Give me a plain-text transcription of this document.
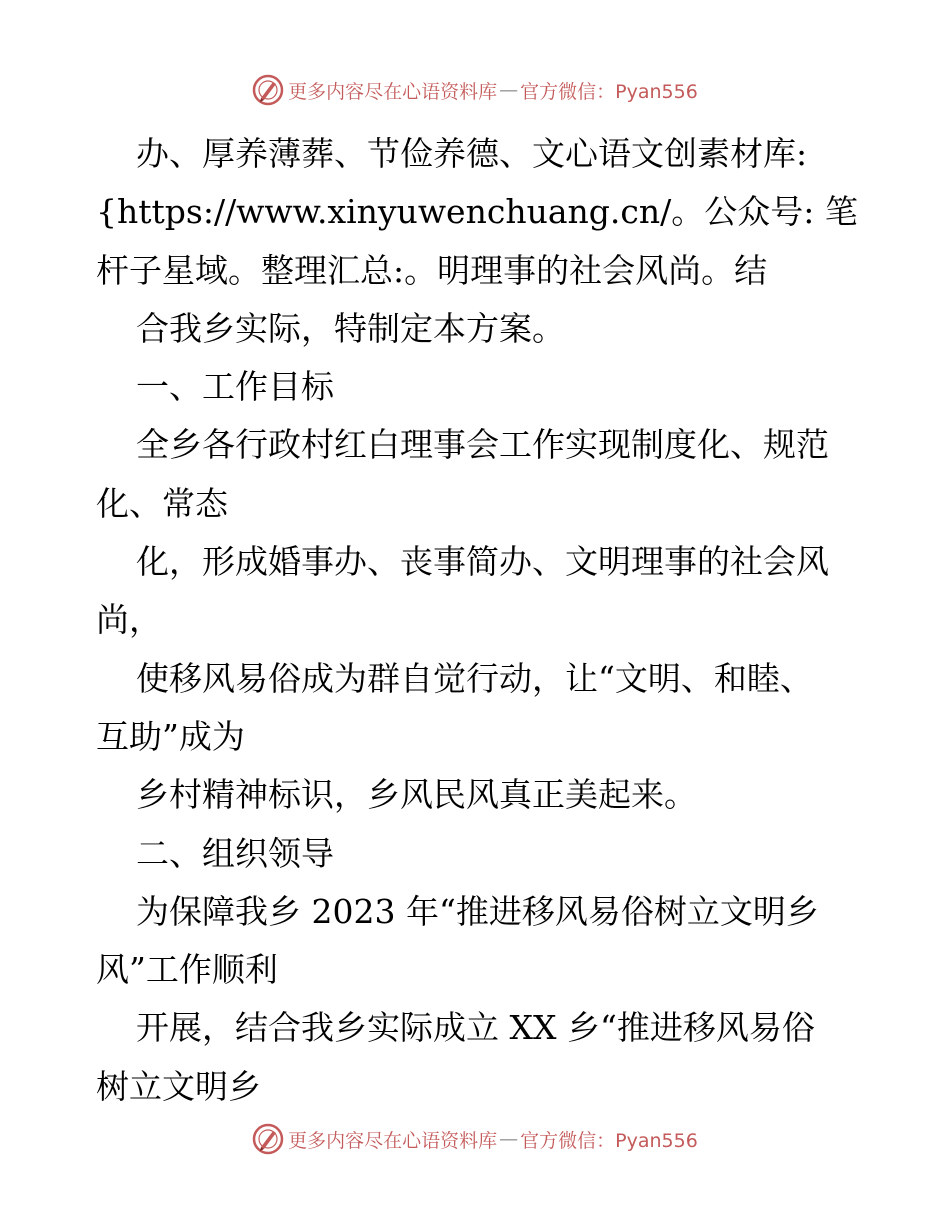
更多内容尽在心语资料库 — 官方微信：Pyan556
办、厚养薄葬、节俭养德、文心语文创素材库:
{https://www.xinyuwenchuang.cn/。公众号: 笔
杆子星域。整理汇总:。明理事的社会风尚。结
合我乡实际，特制定本方案。
一、工作目标
全乡各行政村红白理事会工作实现制度化、规范
化、常态
化，形成婚事办、丧事简办、文明理事的社会风
尚，
使移风易俗成为群自觉行动，让“文明、和睦、
互助”成为
乡村精神标识，乡风民风真正美起来。
二、组织领导
为保障我乡 2023 年“推进移风易俗树立文明乡
风”工作顺利
开展，结合我乡实际成立 XX 乡“推进移风易俗
树立文明乡
更多内容尽在心语资料库 — 官方微信：Pyan556
